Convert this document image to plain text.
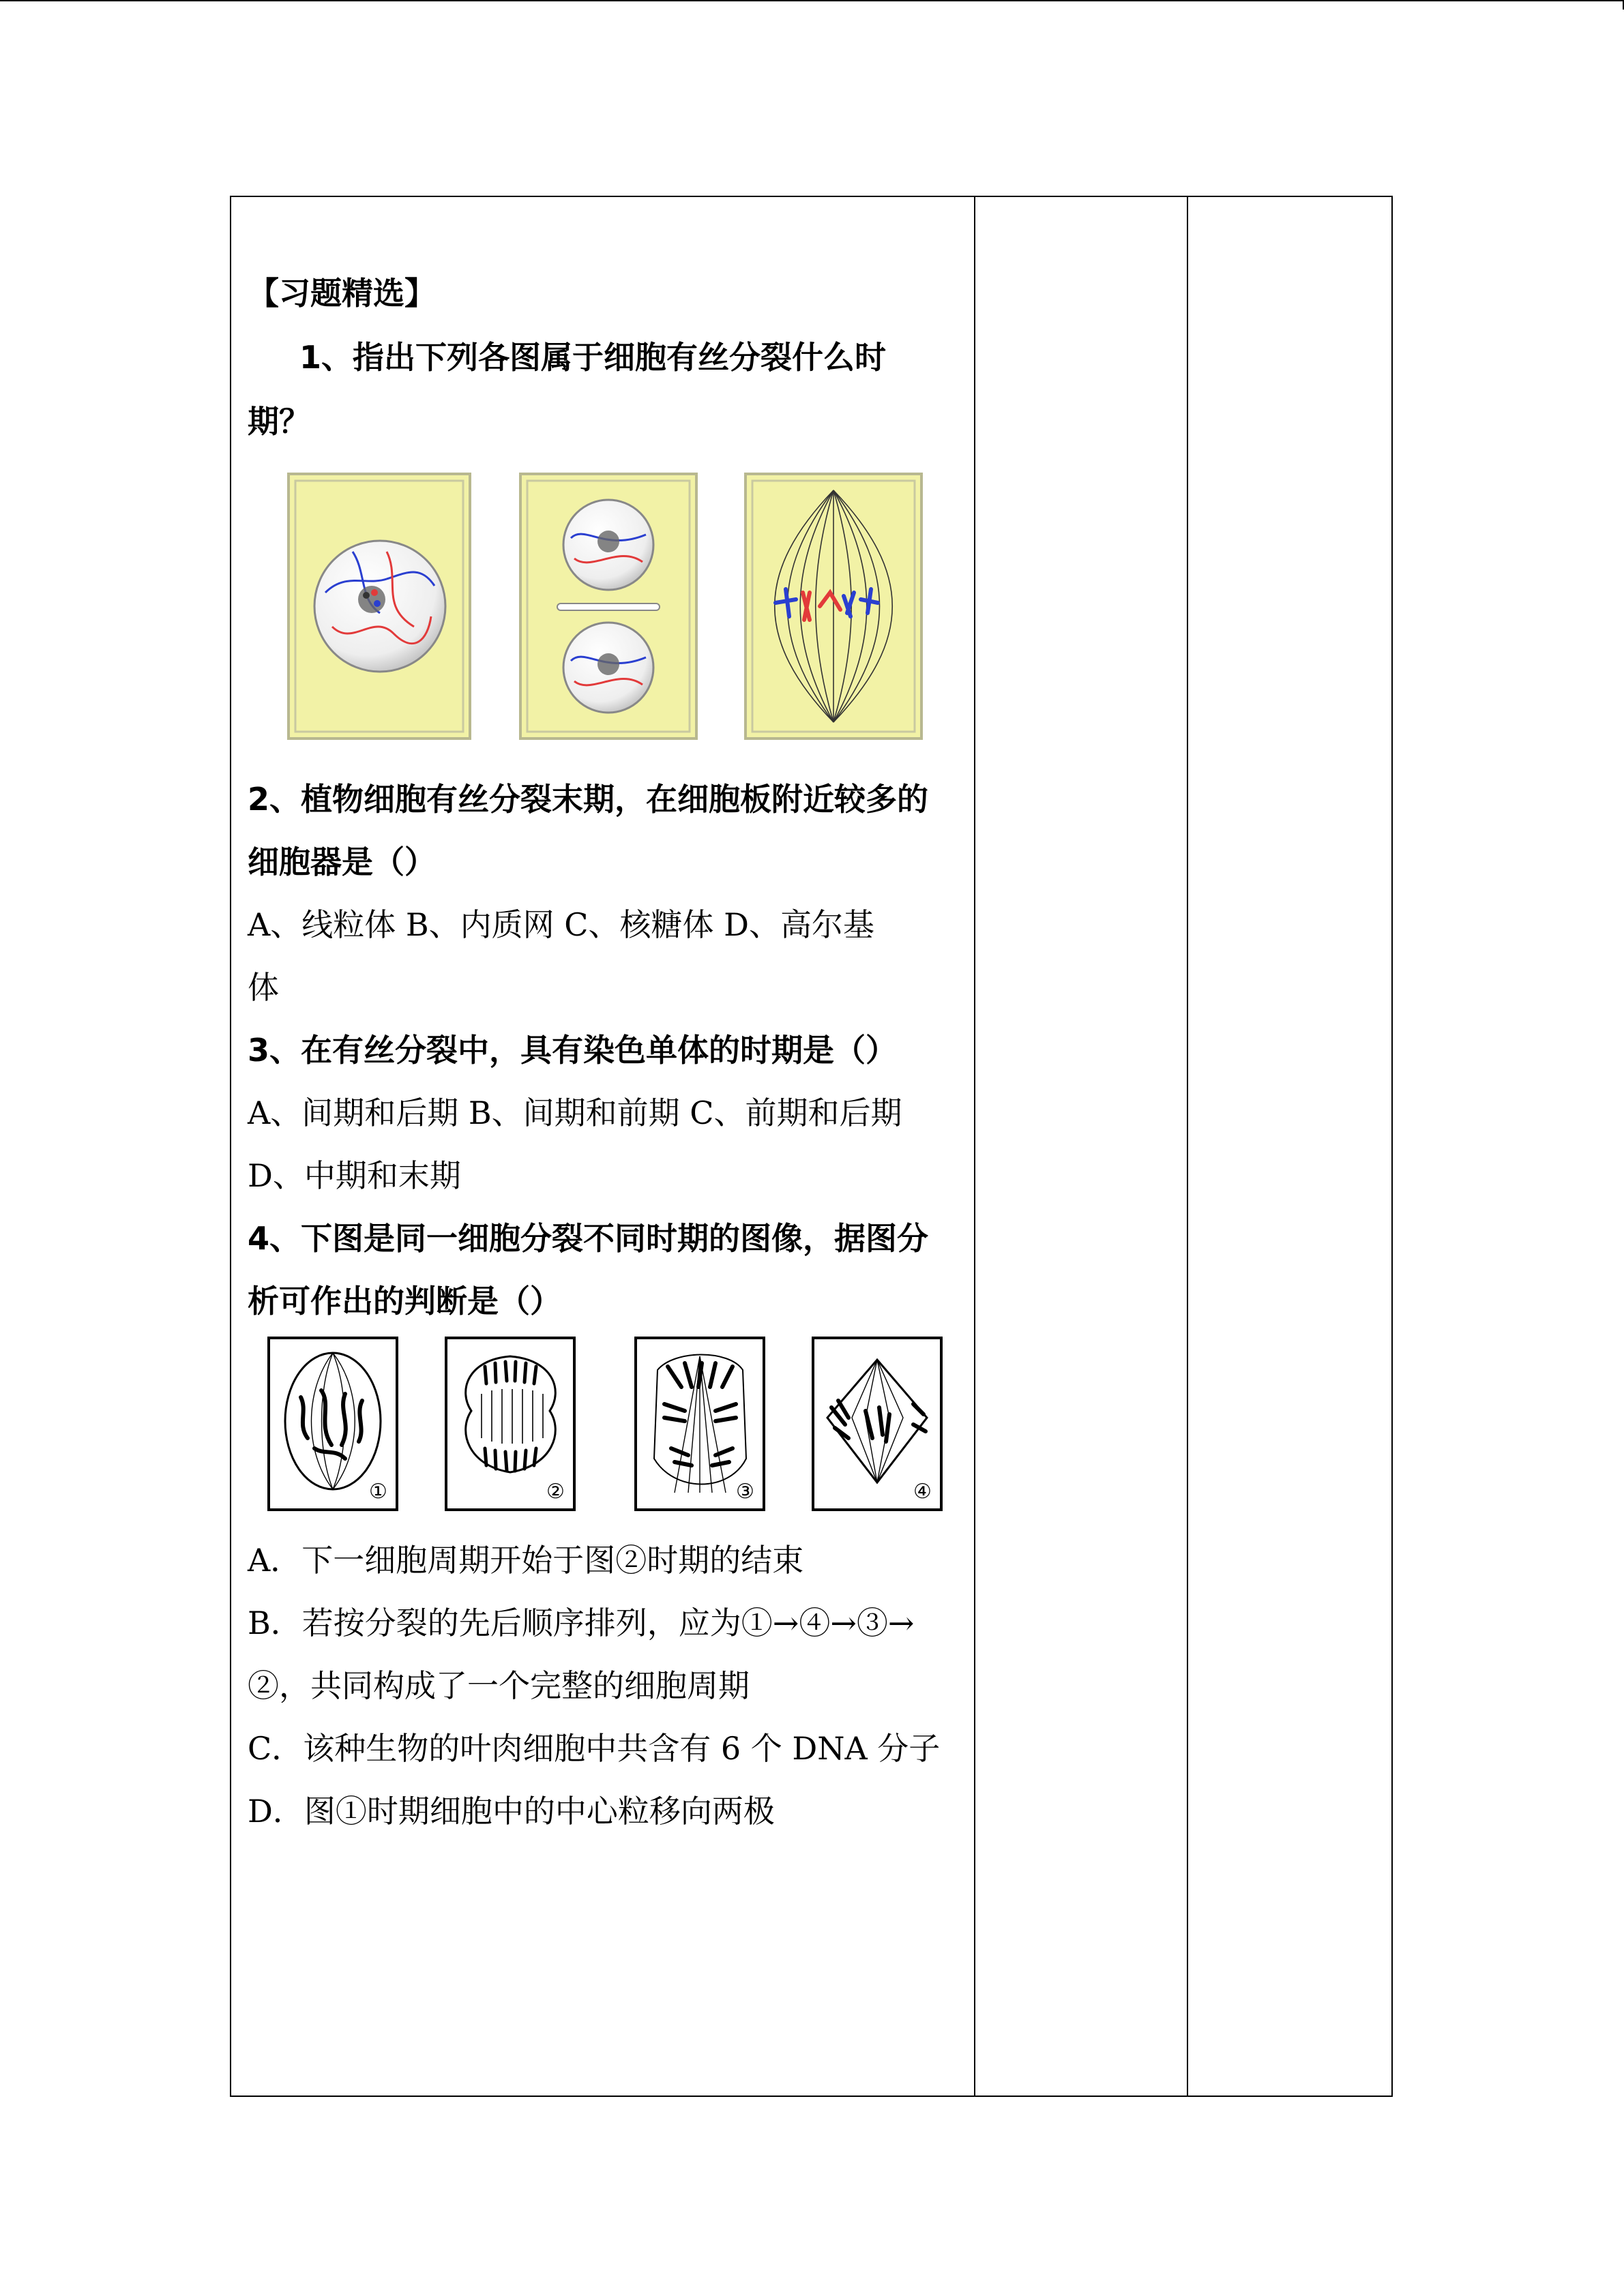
【习题精选】
1、指出下列各图属于细胞有丝分裂什么时
期？
2、植物细胞有丝分裂末期，在细胞板附近较多的
细胞器是（）
A、线粒体 B、内质网 C、核糖体 D、高尔基
体
3、在有丝分裂中，具有染色单体的时期是（）
A、间期和后期 B、间期和前期 C、前期和后期
D、中期和末期
4、下图是同一细胞分裂不同时期的图像，据图分
析可作出的判断是（）
①	②	③	④
A．下一细胞周期开始于图②时期的结束
B．若按分裂的先后顺序排列，应为①→④→③→
②，共同构成了一个完整的细胞周期
C．该种生物的叶肉细胞中共含有 6 个 DNA 分子
D．图①时期细胞中的中心粒移向两极
